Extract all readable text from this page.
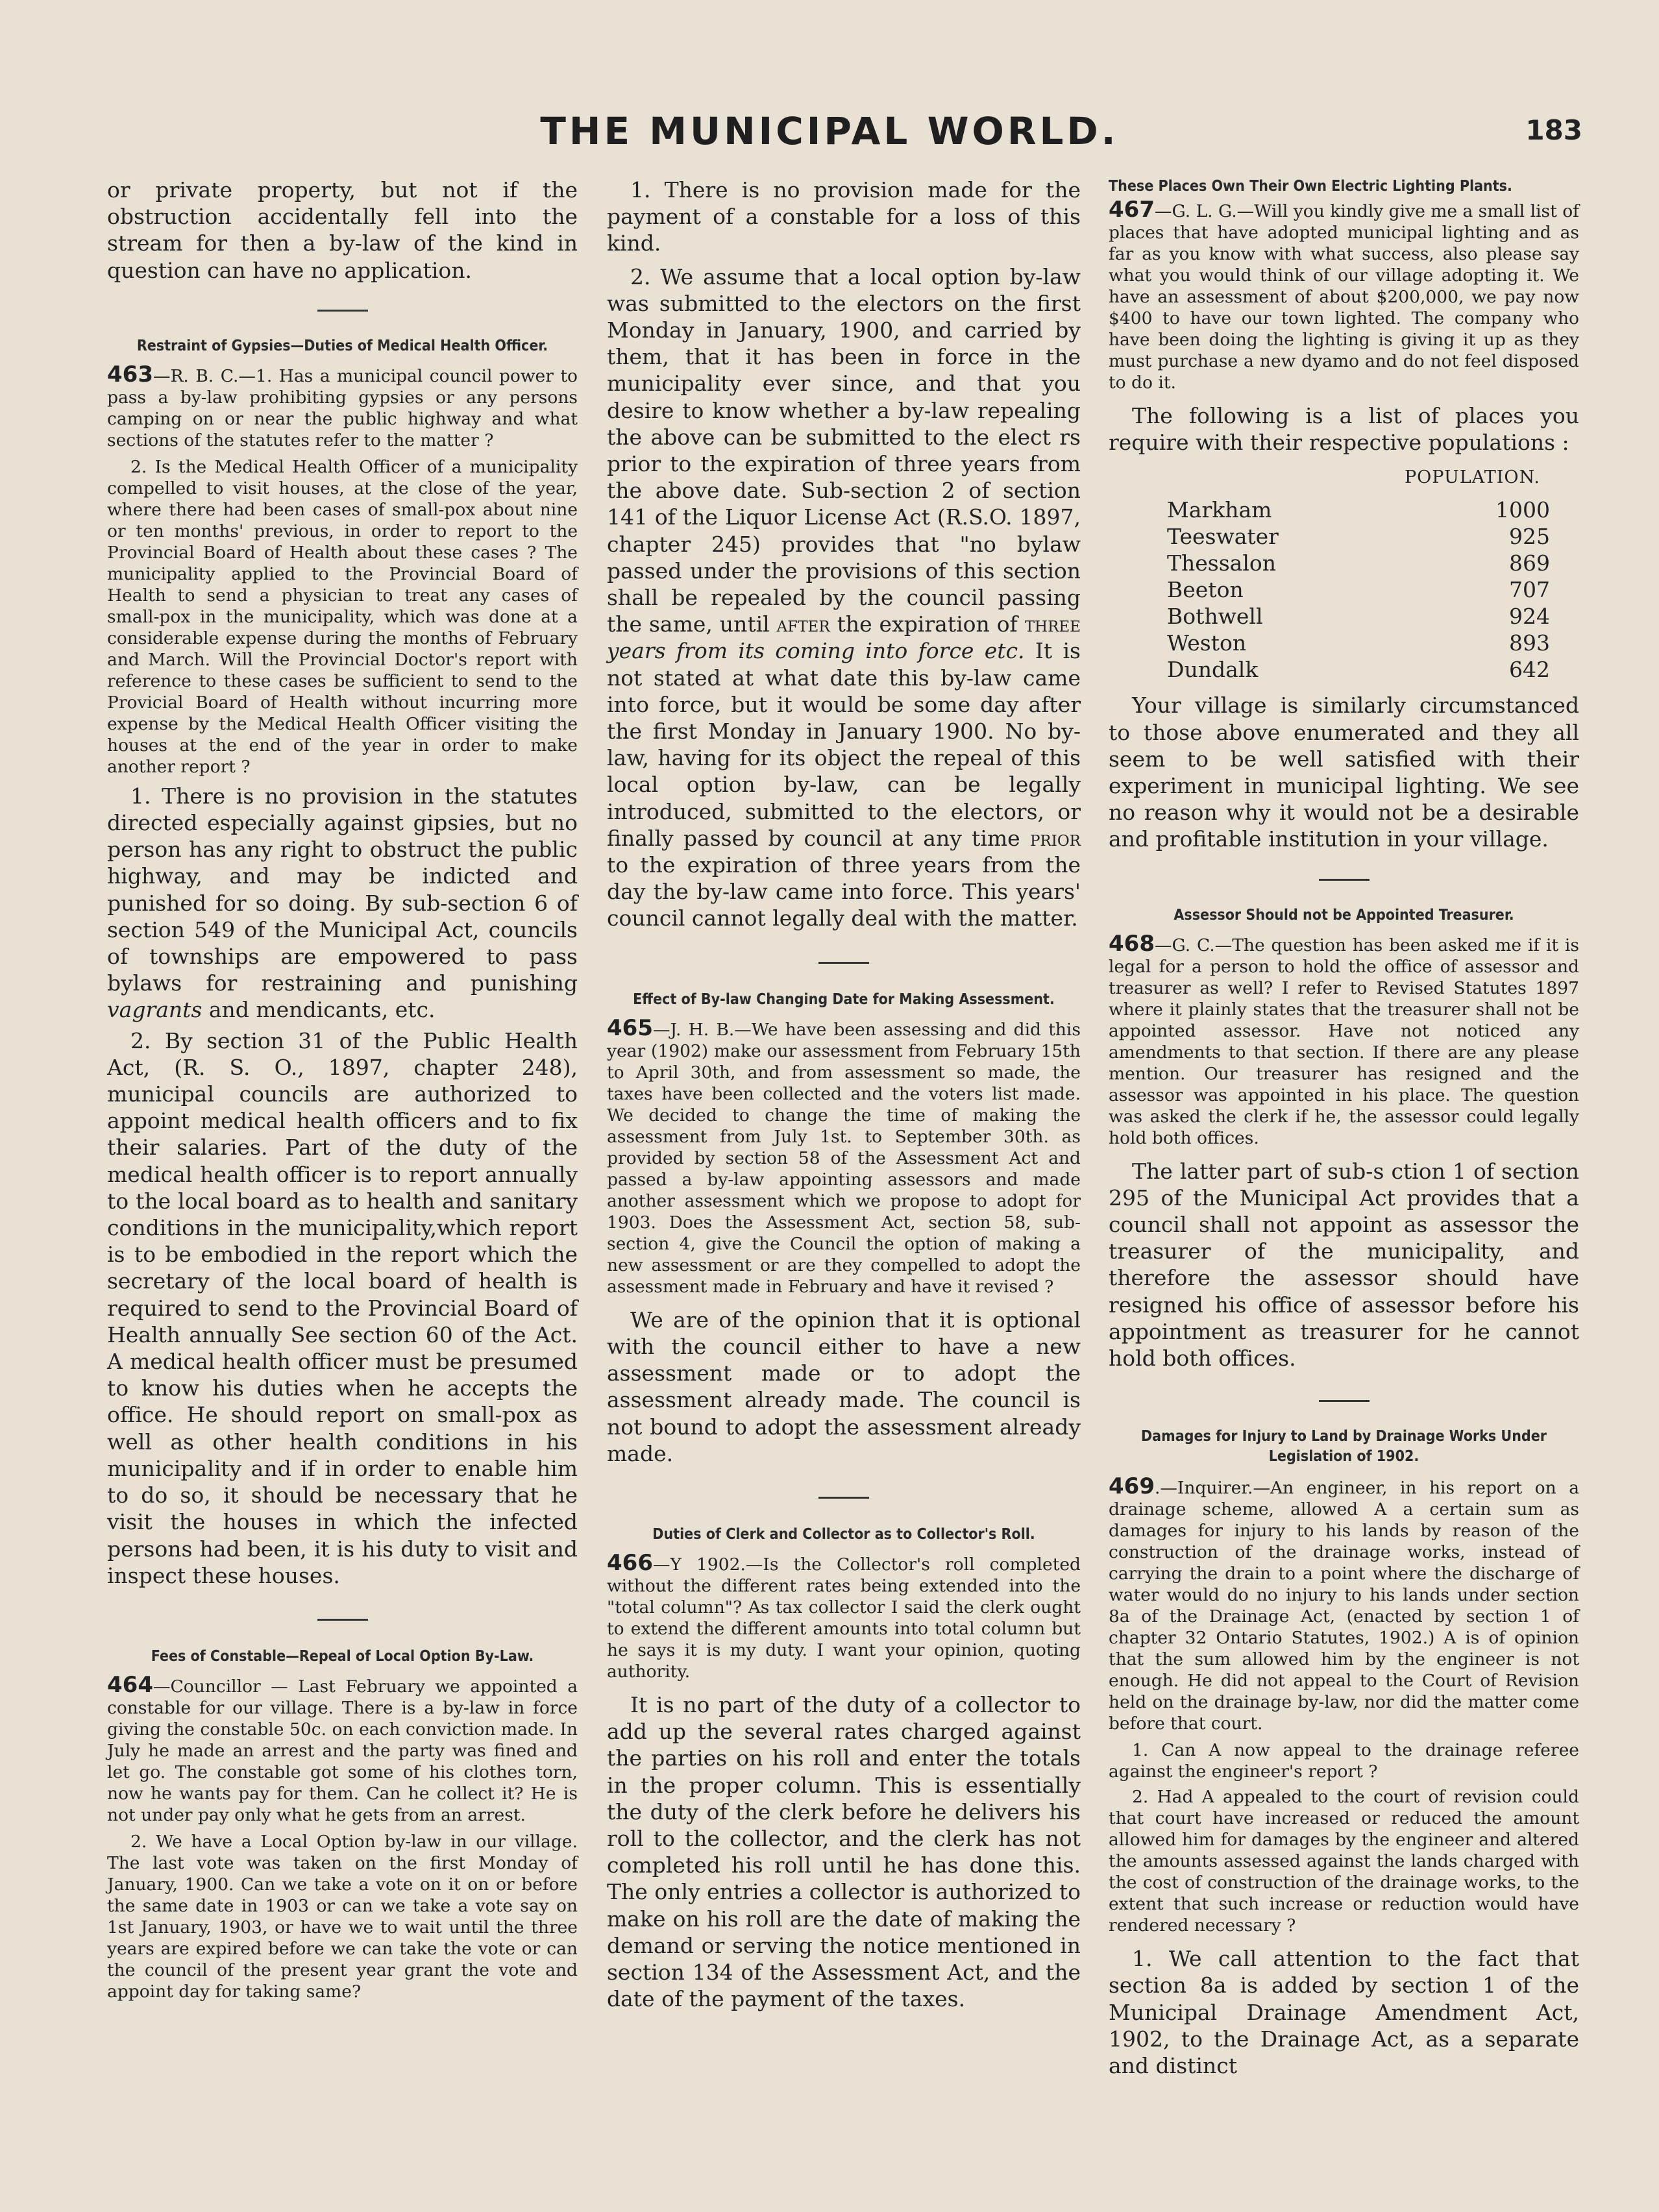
THE MUNICIPAL WORLD.	183

or private property, but not if the obstruction accidentally fell into the stream for then a by-law of the kind in question can have no application.

Restraint of Gypsies—Duties of Medical Health Officer.

463—R. B. C.—1. Has a municipal council power to pass a by-law prohibiting gypsies or any persons camping on or near the public highway and what sections of the statutes refer to the matter ?

2. Is the Medical Health Officer of a municipality compelled to visit houses, at the close of the year, where there had been cases of small-pox about nine or ten months' previous, in order to report to the Provincial Board of Health about these cases ? The municipality applied to the Provincial Board of Health to send a physician to treat any cases of small-pox in the municipality, which was done at a considerable expense during the months of February and March. Will the Provincial Doctor's report with reference to these cases be sufficient to send to the Provicial Board of Health without incurring more expense by the Medical Health Officer visiting the houses at the end of the year in order to make another report ?

1. There is no provision in the statutes directed especially against gipsies, but no person has any right to obstruct the public highway, and may be indicted and punished for so doing. By sub-section 6 of section 549 of the Municipal Act, councils of townships are empowered to pass bylaws for restraining and punishing vagrants and mendicants, etc.

2. By section 31 of the Public Health Act, (R. S. O., 1897, chapter 248), municipal councils are authorized to appoint medical health officers and to fix their salaries. Part of the duty of the medical health officer is to report annually to the local board as to health and sanitary conditions in the municipality,which report is to be embodied in the report which the secretary of the local board of health is required to send to the Provincial Board of Health annually See section 60 of the Act. A medical health officer must be presumed to know his duties when he accepts the office. He should report on small-pox as well as other health conditions in his municipality and if in order to enable him to do so, it should be necessary that he visit the houses in which the infected persons had been, it is his duty to visit and inspect these houses.

Fees of Constable—Repeal of Local Option By-Law.

464—Councillor — Last February we appointed a constable for our village. There is a by-law in force giving the constable 50c. on each conviction made. In July he made an arrest and the party was fined and let go. The constable got some of his clothes torn, now he wants pay for them. Can he collect it? He is not under pay only what he gets from an arrest.

2. We have a Local Option by-law in our village. The last vote was taken on the first Monday of January, 1900. Can we take a vote on it on or before the same date in 1903 or can we take a vote say on 1st January, 1903, or have we to wait until the three years are expired before we can take the vote or can the council of the present year grant the vote and appoint day for taking same?

1. There is no provision made for the payment of a constable for a loss of this kind.

2. We assume that a local option by-law was submitted to the electors on the first Monday in January, 1900, and carried by them, that it has been in force in the municipality ever since, and that you desire to know whether a by-law repealing the above can be submitted to the elect rs prior to the expiration of three years from the above date. Sub-section 2 of section 141 of the Liquor License Act (R.S.O. 1897, chapter 245) provides that "no bylaw passed under the provisions of this section shall be repealed by the council passing the same, until after the expiration of three years from its coming into force etc. It is not stated at what date this by-law came into force, but it would be some day after the first Monday in January 1900. No by-law, having for its object the repeal of this local option by-law, can be legally introduced, submitted to the electors, or finally passed by council at any time prior to the expiration of three years from the day the by-law came into force. This years' council cannot legally deal with the matter.

Effect of By-law Changing Date for Making Assessment.

465—J. H. B.—We have been assessing and did this year (1902) make our assessment from February 15th to April 30th, and from assessment so made, the taxes have been collected and the voters list made. We decided to change the time of making the assessment from July 1st. to September 30th. as provided by section 58 of the Assessment Act and passed a by-law appointing assessors and made another assessment which we propose to adopt for 1903. Does the Assessment Act, section 58, sub-section 4, give the Council the option of making a new assessment or are they compelled to adopt the assessment made in February and have it revised ?

We are of the opinion that it is optional with the council either to have a new assessment made or to adopt the assessment already made. The council is not bound to adopt the assessment already made.

Duties of Clerk and Collector as to Collector's Roll.

466—Y 1902.—Is the Collector's roll completed without the different rates being extended into the "total column"? As tax collector I said the clerk ought to extend the different amounts into total column but he says it is my duty. I want your opinion, quoting authority.

It is no part of the duty of a collector to add up the several rates charged against the parties on his roll and enter the totals in the proper column. This is essentially the duty of the clerk before he delivers his roll to the collector, and the clerk has not completed his roll until he has done this. The only entries a collector is authorized to make on his roll are the date of making the demand or serving the notice mentioned in section 134 of the Assessment Act, and the date of the payment of the taxes.

These Places Own Their Own Electric Lighting Plants.

467—G. L. G.—Will you kindly give me a small list of places that have adopted municipal lighting and as far as you know with what success, also please say what you would think of our village adopting it. We have an assessment of about $200,000, we pay now $400 to have our town lighted. The company who have been doing the lighting is giving it up as they must purchase a new dyamo and do not feel disposed to do it.

The following is a list of places you require with their respective populations :

POPULATION.

Markham	1000
Teeswater	925
Thessalon	869
Beeton	707
Bothwell	924
Weston	893
Dundalk	642

Your village is similarly circumstanced to those above enumerated and they all seem to be well satisfied with their experiment in municipal lighting. We see no reason why it would not be a desirable and profitable institution in your village.

Assessor Should not be Appointed Treasurer.

468—G. C.—The question has been asked me if it is legal for a person to hold the office of assessor and treasurer as well? I refer to Revised Statutes 1897 where it plainly states that the treasurer shall not be appointed assessor. Have not noticed any amendments to that section. If there are any please mention. Our treasurer has resigned and the assessor was appointed in his place. The question was asked the clerk if he, the assessor could legally hold both offices.

The latter part of sub-s ction 1 of section 295 of the Municipal Act provides that a council shall not appoint as assessor the treasurer of the municipality, and therefore the assessor should have resigned his office of assessor before his appointment as treasurer for he cannot hold both offices.

Damages for Injury to Land by Drainage Works Under Legislation of 1902.

469.—Inquirer.—An engineer, in his report on a drainage scheme, allowed A a certain sum as damages for injury to his lands by reason of the construction of the drainage works, instead of carrying the drain to a point where the discharge of water would do no injury to his lands under section 8a of the Drainage Act, (enacted by section 1 of chapter 32 Ontario Statutes, 1902.) A is of opinion that the sum allowed him by the engineer is not enough. He did not appeal to the Court of Revision held on the drainage by-law, nor did the matter come before that court.

1. Can A now appeal to the drainage referee against the engineer's report ?

2. Had A appealed to the court of revision could that court have increased or reduced the amount allowed him for damages by the engineer and altered the amounts assessed against the lands charged with the cost of construction of the drainage works, to the extent that such increase or reduction would have rendered necessary ?

1. We call attention to the fact that section 8a is added by section 1 of the Municipal Drainage Amendment Act, 1902, to the Drainage Act, as a separate and distinct
